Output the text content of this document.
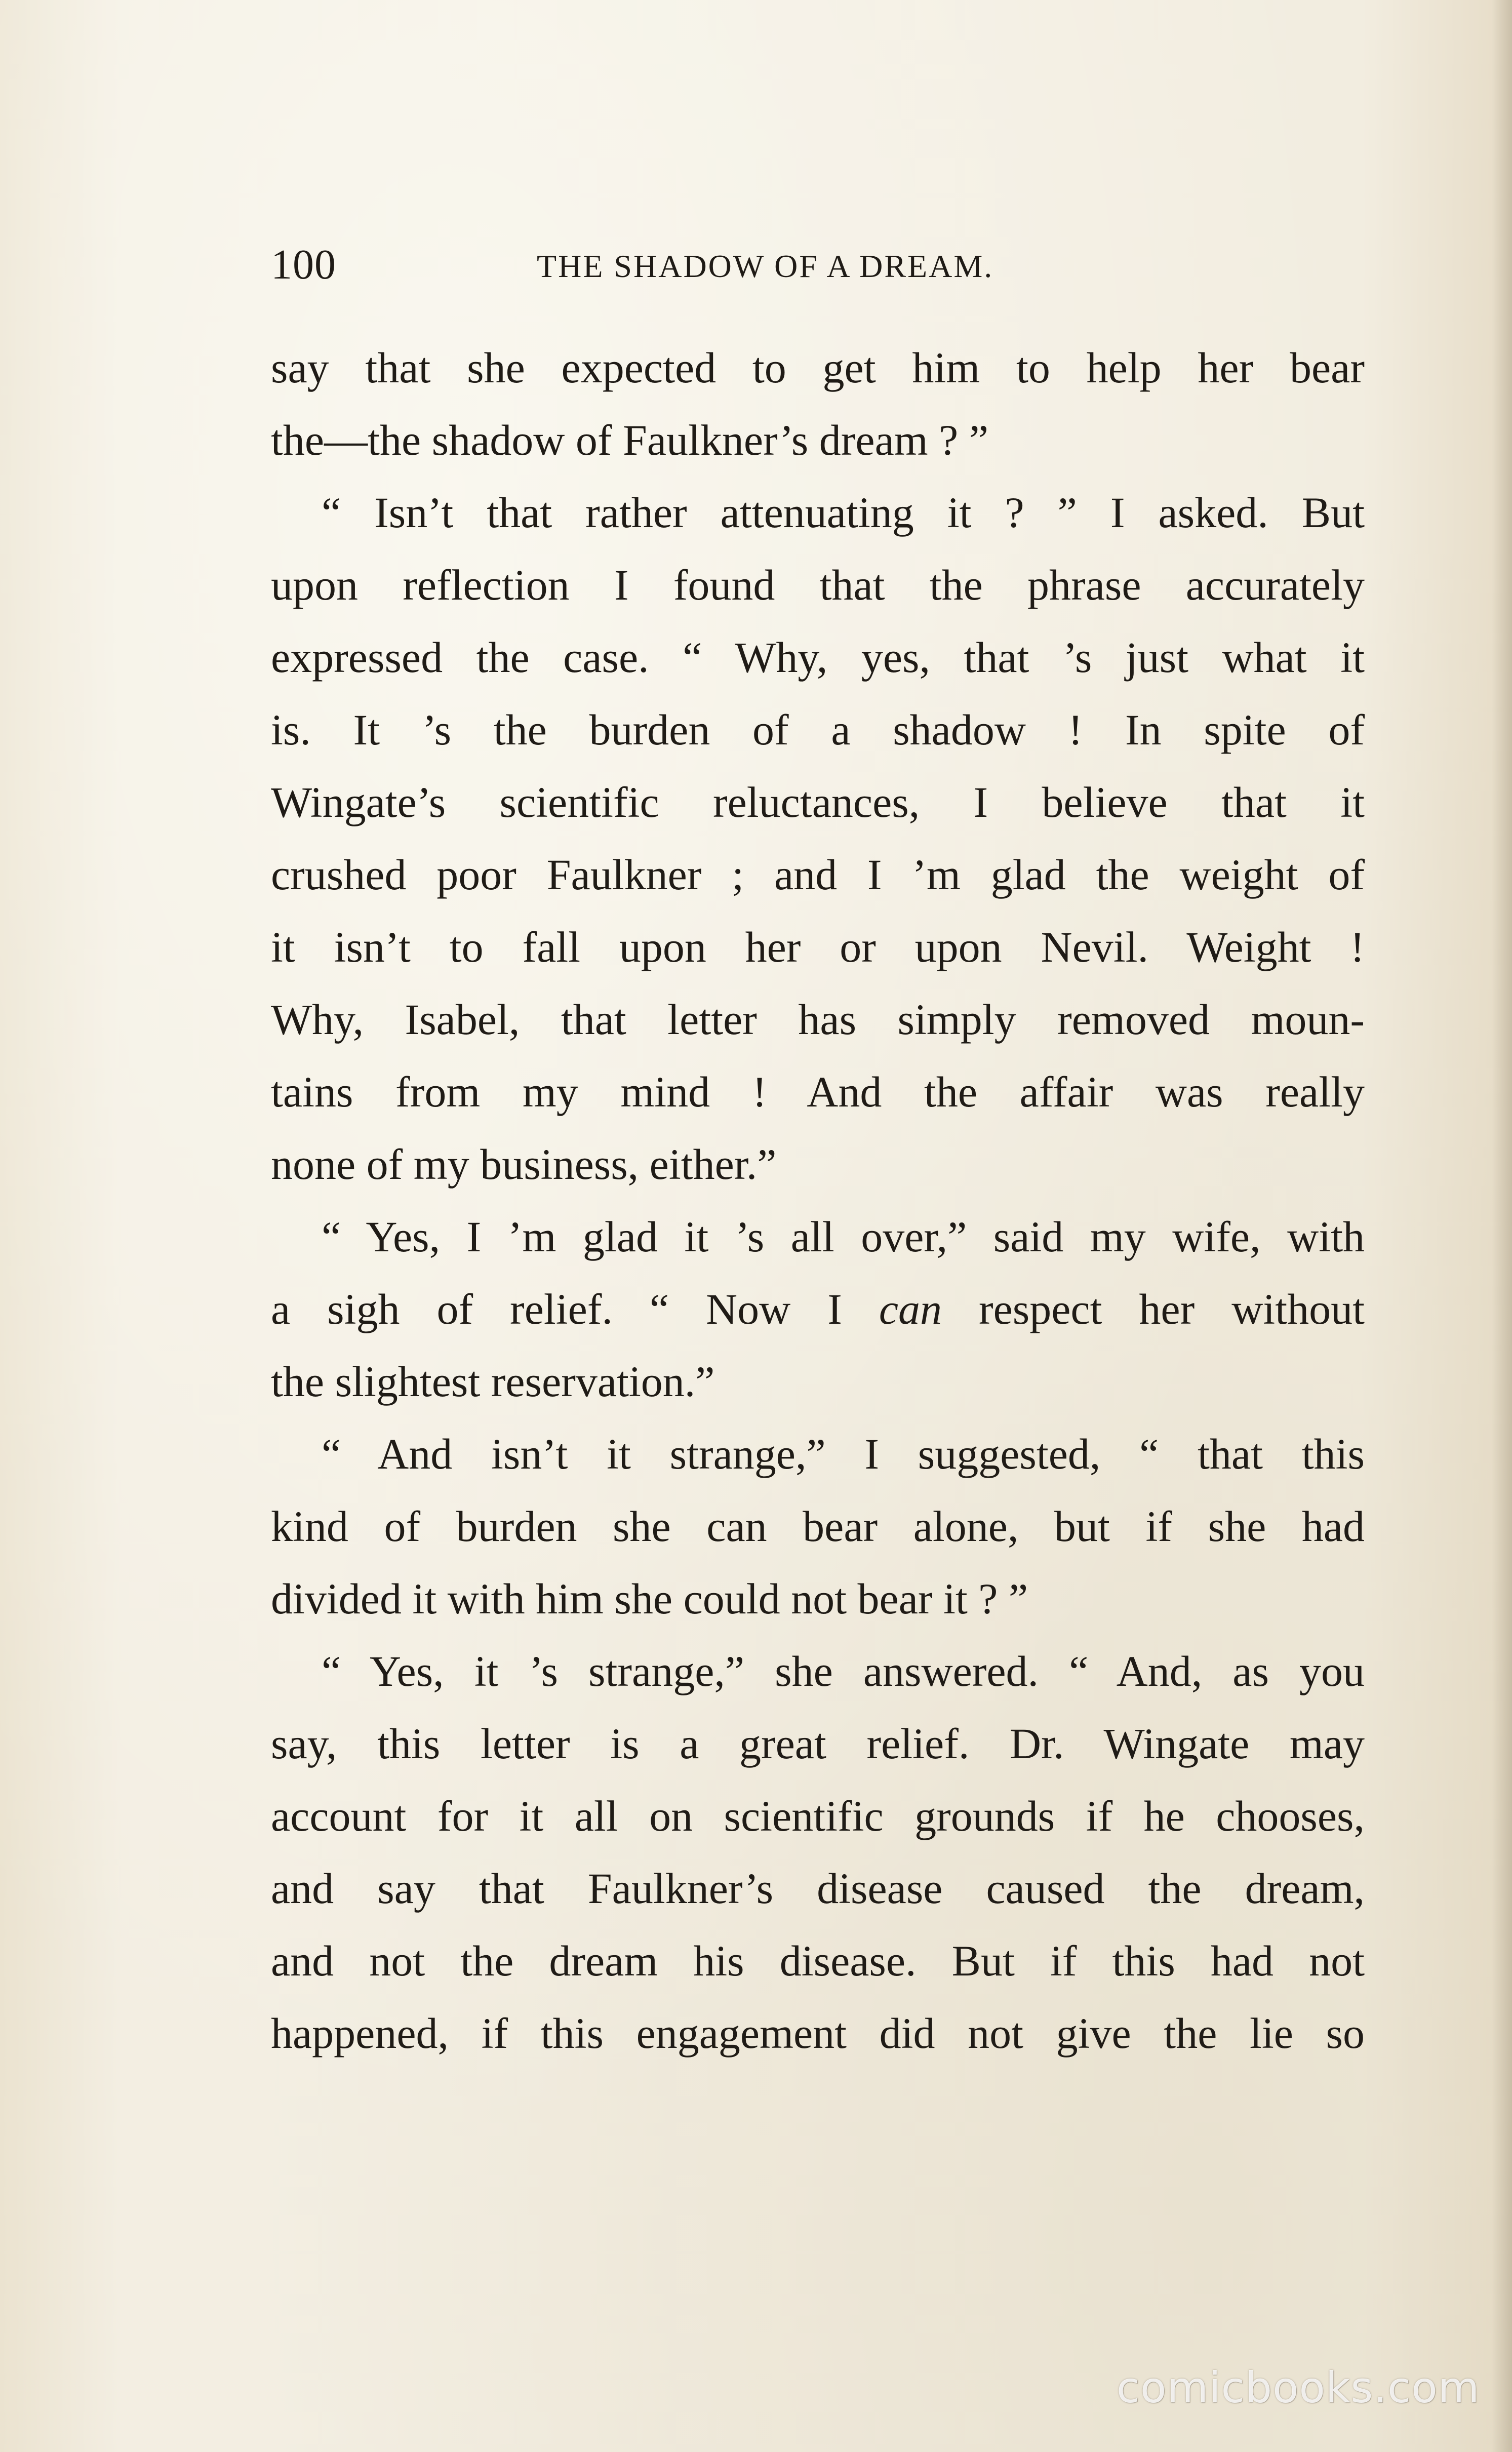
100	THE SHADOW OF A DREAM.
say that she expected to get him to help her bear
the—the shadow of Faulkner’s dream ? ”
“ Isn’t that rather attenuating it ? ” I asked. But
upon reflection I found that the phrase accurately
expressed the case. “ Why, yes, that ’s just what it
is. It ’s the burden of a shadow ! In spite of
Wingate’s scientific reluctances, I believe that it
crushed poor Faulkner ; and I ’m glad the weight of
it isn’t to fall upon her or upon Nevil. Weight !
Why, Isabel, that letter has simply removed moun-
tains from my mind ! And the affair was really
none of my business, either.”
“ Yes, I ’m glad it ’s all over,” said my wife, with
a sigh of relief. “ Now I can respect her without
the slightest reservation.”
“ And isn’t it strange,” I suggested, “ that this
kind of burden she can bear alone, but if she had
divided it with him she could not bear it ? ”
“ Yes, it ’s strange,” she answered. “ And, as you
say, this letter is a great relief. Dr. Wingate may
account for it all on scientific grounds if he chooses,
and say that Faulkner’s disease caused the dream,
and not the dream his disease. But if this had not
happened, if this engagement did not give the lie so
comicbooks.com
